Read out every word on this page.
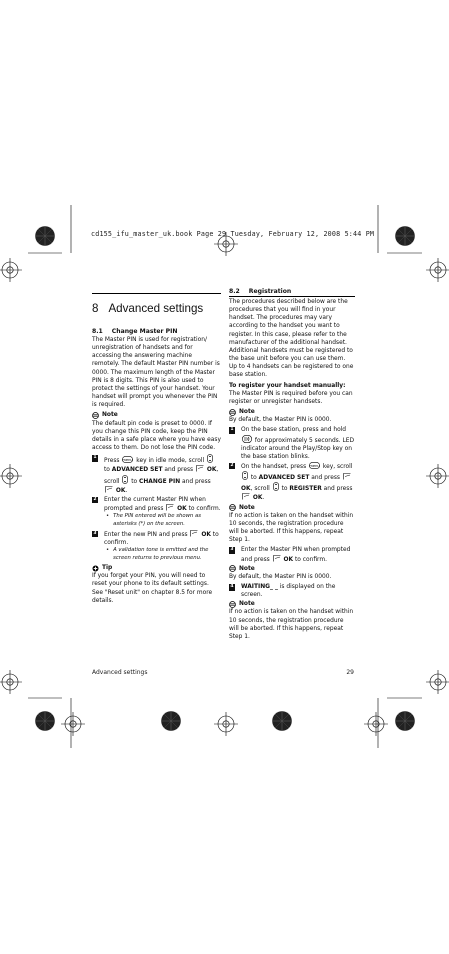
cd155_ifu_master_uk.book Page 29 Tuesday, February 12, 2008 5:44 PM
8 Advanced settings
8.1 Change Master PIN

The Master PIN is used for registration/ unregistration of handsets and for accessing the answering machine remotely. The default Master PIN number is 0000. The maximum length of the Master PIN is 8 digits. This PIN is also used to protect the settings of your handset. Your handset will prompt you whenever the PIN is required.

Note

The default pin code is preset to 0000. If you change this PIN code, keep the PIN details in a safe place where you have easy access to them. Do not lose the PIN code.

1
Press menu key in idle mode, scroll  to ADVANCED SET and press OK, scroll to CHANGE PIN and press  OK.
2 Enter the current Master PIN when prompted and press OK to confirm.
• The PIN entered will be shown as asterisks (*) on the screen.
3 Enter the new PIN and press OK to confirm.
• A validation tone is emitted and the screen returns to previous menu.
Tip

If you forget your PIN, you will need to reset your phone to its default settings. See "Reset unit" on chapter 8.5 for more details.

8.2 Registration

The procedures described below are the procedures that you will find in your handset. The procedures may vary according to the handset you want to register. In this case, please refer to the manufacturer of the additional handset. Additional handsets must be registered to the base unit before you can use them. Up to 4 handsets can be registered to one base station.

To register your handset manually:

The Master PIN is required before you can register or unregister handsets.

Note

By default, the Master PIN is 0000.

1 On the base station, press and hold  for approximately 5 seconds. LED indicator around the Play/Stop key on the base station blinks.
2 On the handset, press menu key, scroll  to ADVANCED SET and press  OK, scroll to REGISTER and press  OK.
Note

If no action is taken on the handset within 10 seconds, the registration procedure will be aborted. If this happens, repeat Step 1.

3 Enter the Master PIN when prompted and press OK to confirm.
Note

By default, the Master PIN is 0000.

4 WAITING_ _ is displayed on the screen.
Note

If no action is taken on the handset within 10 seconds, the registration procedure will be aborted. If this happens, repeat Step 1.

Advanced settings	29
